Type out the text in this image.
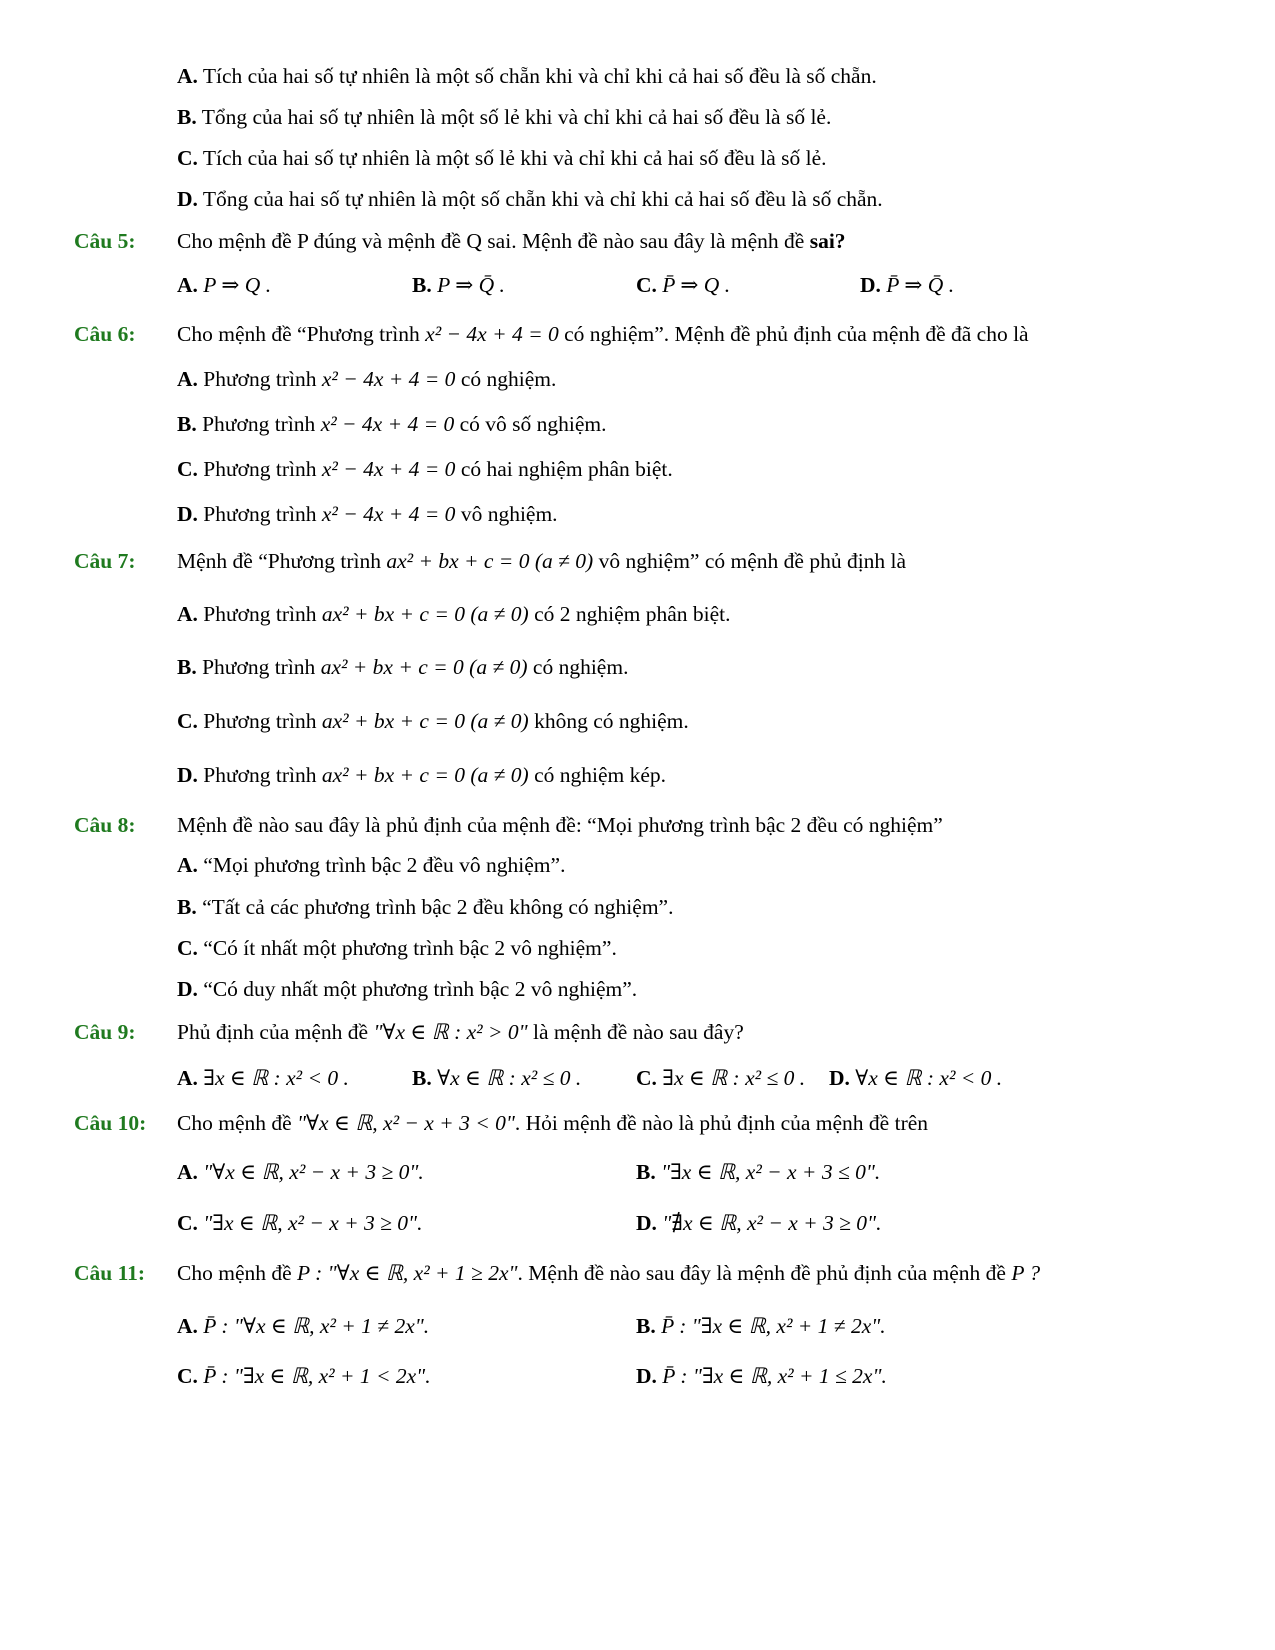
A. Tích của hai số tự nhiên là một số chẵn khi và chỉ khi cả hai số đều là số chẵn.
B. Tổng của hai số tự nhiên là một số lẻ khi và chỉ khi cả hai số đều là số lẻ.
C. Tích của hai số tự nhiên là một số lẻ khi và chỉ khi cả hai số đều là số lẻ.
D. Tổng của hai số tự nhiên là một số chẵn khi và chỉ khi cả hai số đều là số chẵn.
Câu 5: Cho mệnh đề P đúng và mệnh đề Q sai. Mệnh đề nào sau đây là mệnh đề sai?
A. P ⇒ Q .	B. P ⇒ Q̄ .	C. P̄ ⇒ Q .	D. P̄ ⇒ Q̄ .
Câu 6: Cho mệnh đề “Phương trình x² − 4x + 4 = 0 có nghiệm”. Mệnh đề phủ định của mệnh đề đã cho là
A. Phương trình x² − 4x + 4 = 0 có nghiệm.
B. Phương trình x² − 4x + 4 = 0 có vô số nghiệm.
C. Phương trình x² − 4x + 4 = 0 có hai nghiệm phân biệt.
D. Phương trình x² − 4x + 4 = 0 vô nghiệm.
Câu 7: Mệnh đề “Phương trình ax² + bx + c = 0 (a ≠ 0) vô nghiệm” có mệnh đề phủ định là
A. Phương trình ax² + bx + c = 0 (a ≠ 0) có 2 nghiệm phân biệt.
B. Phương trình ax² + bx + c = 0 (a ≠ 0) có nghiệm.
C. Phương trình ax² + bx + c = 0 (a ≠ 0) không có nghiệm.
D. Phương trình ax² + bx + c = 0 (a ≠ 0) có nghiệm kép.
Câu 8: Mệnh đề nào sau đây là phủ định của mệnh đề: “Mọi phương trình bậc 2 đều có nghiệm”
A. “Mọi phương trình bậc 2 đều vô nghiệm”.
B. “Tất cả các phương trình bậc 2 đều không có nghiệm”.
C. “Có ít nhất một phương trình bậc 2 vô nghiệm”.
D. “Có duy nhất một phương trình bậc 2 vô nghiệm”.
Câu 9: Phủ định của mệnh đề "∀x ∈ ℝ : x² > 0" là mệnh đề nào sau đây?
A. ∃x ∈ ℝ : x² < 0 .	B. ∀x ∈ ℝ : x² ≤ 0 .	C. ∃x ∈ ℝ : x² ≤ 0 . D. ∀x ∈ ℝ : x² < 0 .
Câu 10: Cho mệnh đề "∀x ∈ ℝ, x² − x + 3 < 0". Hỏi mệnh đề nào là phủ định của mệnh đề trên
A. "∀x ∈ ℝ, x² − x + 3 ≥ 0".	B. "∃x ∈ ℝ, x² − x + 3 ≤ 0".
C. "∃x ∈ ℝ, x² − x + 3 ≥ 0".	D. "∄x ∈ ℝ, x² − x + 3 ≥ 0".
Câu 11: Cho mệnh đề P : "∀x ∈ ℝ, x² + 1 ≥ 2x". Mệnh đề nào sau đây là mệnh đề phủ định của mệnh đề P ?
A. P̄ : "∀x ∈ ℝ, x² + 1 ≠ 2x".	B. P̄ : "∃x ∈ ℝ, x² + 1 ≠ 2x".
C. P̄ : "∃x ∈ ℝ, x² + 1 < 2x".	D. P̄ : "∃x ∈ ℝ, x² + 1 ≤ 2x".
